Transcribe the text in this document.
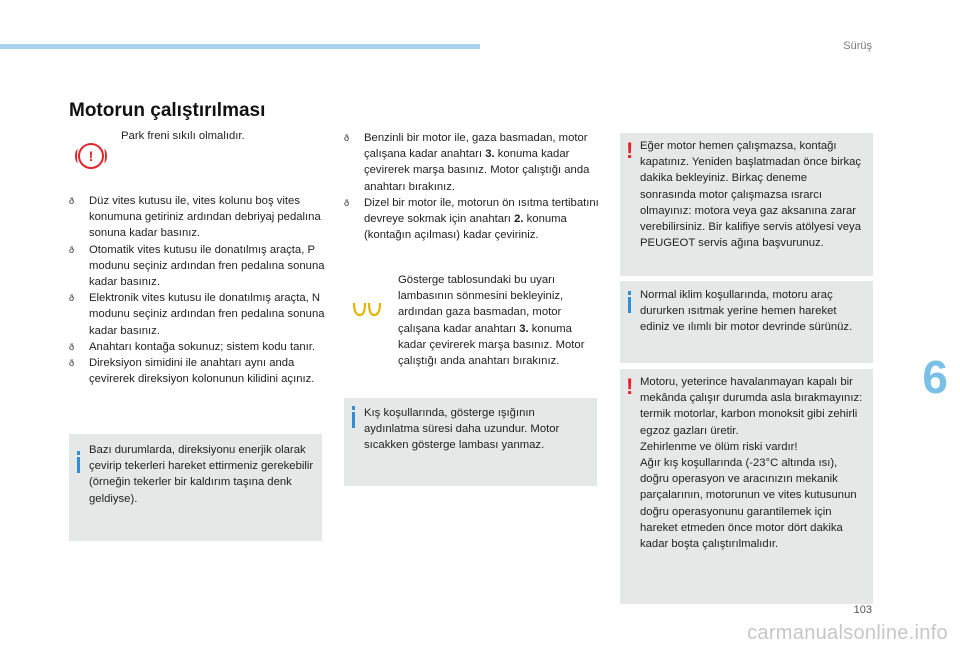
Sürüş
Motorun çalıştırılması
!
Park freni sıkılı olmalıdır.
ð Düz vites kutusu ile, vites kolunu boş vites konumuna getiriniz ardından debriyaj pedalına sonuna kadar basınız.
ð Otomatik vites kutusu ile donatılmış araçta, P modunu seçiniz ardından fren pedalına sonuna kadar basınız.
ð Elektronik vites kutusu ile donatılmış araçta, N modunu seçiniz ardından fren pedalına sonuna kadar basınız.
ð Anahtarı kontağa sokunuz; sistem kodu tanır.
ð Direksiyon simidini ile anahtarı aynı anda çevirerek direksiyon kolonunun kilidini açınız.
Bazı durumlarda, direksiyonu enerjik olarak çevirip tekerleri hareket ettirmeniz gerekebilir (örneğin tekerler bir kaldırım taşına denk geldiyse).
ð Benzinli bir motor ile, gaza basmadan, motor çalışana kadar anahtarı 3. konuma kadar çevirerek marşa basınız. Motor çalıştığı anda anahtarı bırakınız.
ð Dizel bir motor ile, motorun ön ısıtma tertibatını devreye sokmak için anahtarı 2. konuma (kontağın açılması) kadar çeviriniz.
Gösterge tablosundaki bu uyarı lambasının sönmesini bekleyiniz, ardından gaza basmadan, motor çalışana kadar anahtarı 3. konuma kadar çevirerek marşa basınız. Motor çalıştığı anda anahtarı bırakınız.
Kış koşullarında, gösterge ışığının aydınlatma süresi daha uzundur. Motor sıcakken gösterge lambası yanmaz.
! Eğer motor hemen çalışmazsa, kontağı kapatınız. Yeniden başlatmadan önce birkaç dakika bekleyiniz. Birkaç deneme sonrasında motor çalışmazsa ısrarcı olmayınız: motora veya gaz aksanına zarar verebilirsiniz. Bir kalifiye servis atölyesi veya PEUGEOT servis ağına başvurunuz.
Normal iklim koşullarında, motoru araç dururken ısıtmak yerine hemen hareket ediniz ve ılımlı bir motor devrinde sürünüz.
! Motoru, yeterince havalanmayan kapalı bir mekânda çalışır durumda asla bırakmayınız: termik motorlar, karbon monoksit gibi zehirli egzoz gazları üretir.
Zehirlenme ve ölüm riski vardır!
Ağır kış koşullarında (-23°C altında ısı), doğru operasyon ve aracınızın mekanik parçalarının, motorunun ve vites kutusunun doğru operasyonunu garantilemek için hareket etmeden önce motor dört dakika kadar boşta çalıştırılmalıdır.
6
103
carmanualsonline.info
